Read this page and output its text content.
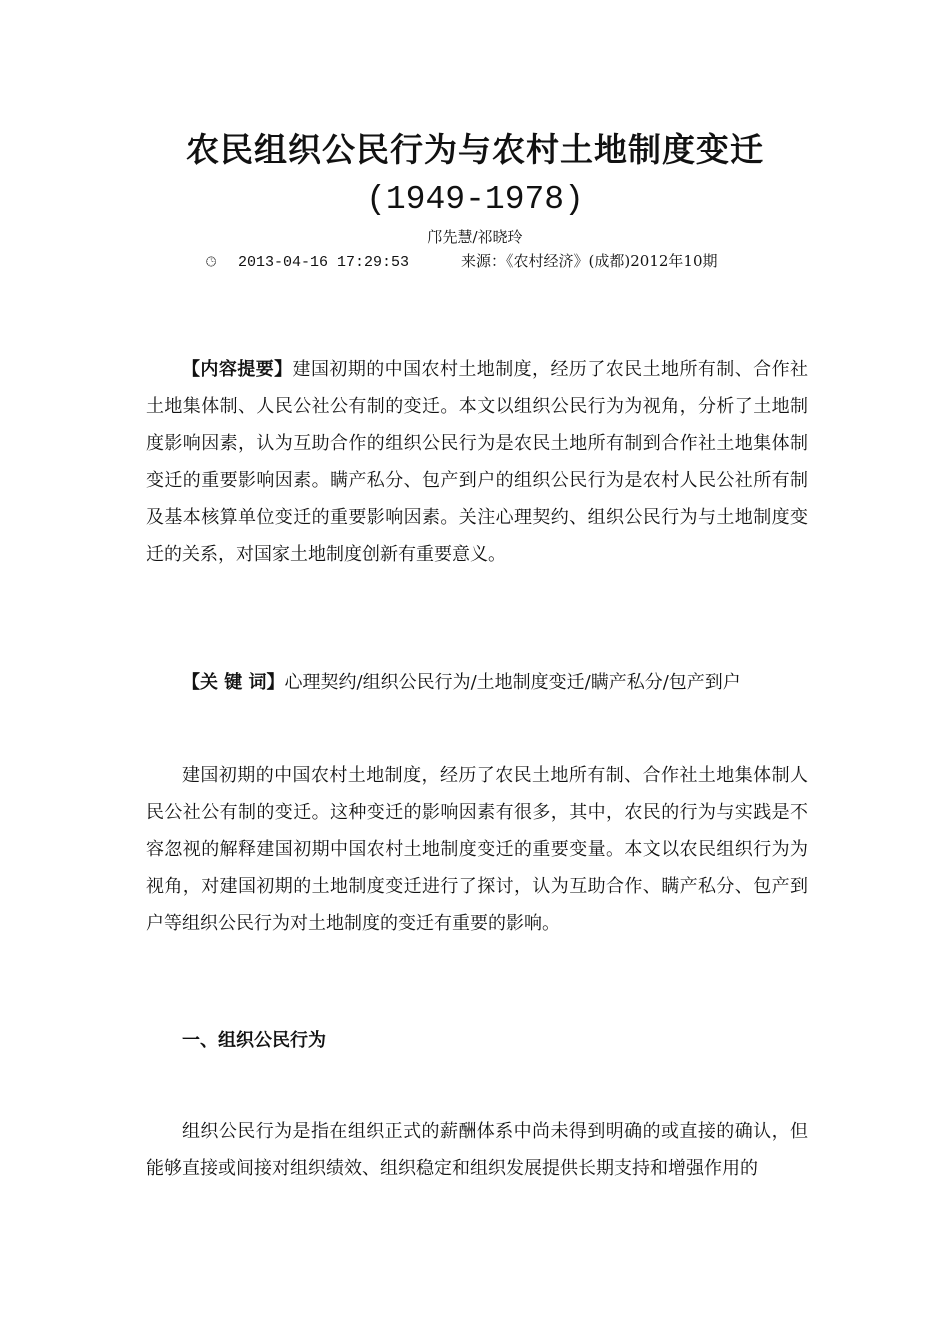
农民组织公民行为与农村土地制度变迁
(1949-1978)
邝先慧/祁晓玲
🕒︎ 2013-04-16 17:29:53	来源：《农村经济》(成都)2012年10期

【内容提要】建国初期的中国农村土地制度，经历了农民土地所有制、合作社土地集体制、人民公社公有制的变迁。本文以组织公民行为为视角，分析了土地制度影响因素，认为互助合作的组织公民行为是农民土地所有制到合作社土地集体制变迁的重要影响因素。瞒产私分、包产到户的组织公民行为是农村人民公社所有制及基本核算单位变迁的重要影响因素。关注心理契约、组织公民行为与土地制度变迁的关系，对国家土地制度创新有重要意义。

【关 键 词】心理契约/组织公民行为/土地制度变迁/瞒产私分/包产到户

建国初期的中国农村土地制度，经历了农民土地所有制、合作社土地集体制人民公社公有制的变迁。这种变迁的影响因素有很多，其中，农民的行为与实践是不容忽视的解释建国初期中国农村土地制度变迁的重要变量。本文以农民组织行为为视角，对建国初期的土地制度变迁进行了探讨，认为互助合作、瞒产私分、包产到户等组织公民行为对土地制度的变迁有重要的影响。

一、组织公民行为

组织公民行为是指在组织正式的薪酬体系中尚未得到明确的或直接的确认，但能够直接或间接对组织绩效、组织稳定和组织发展提供长期支持和增强作用的
